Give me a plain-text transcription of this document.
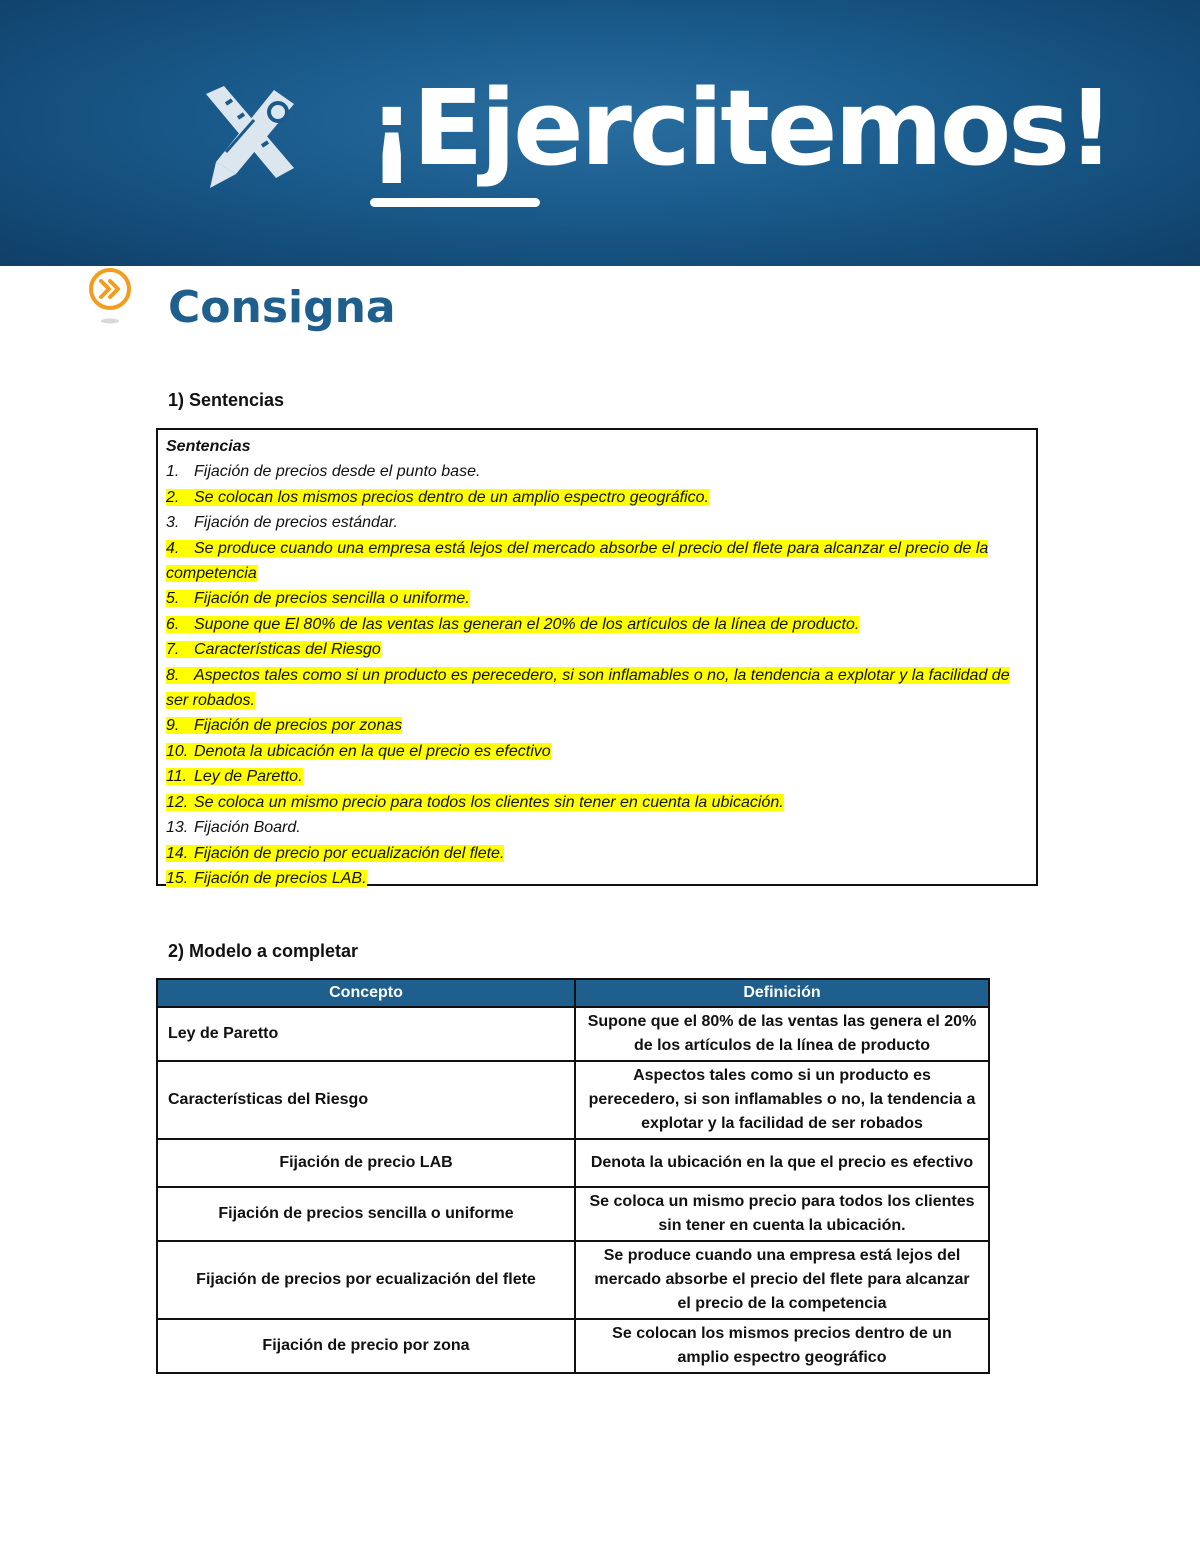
¡Ejercitemos!
Consigna
1) Sentencias
Sentencias
1. Fijación de precios desde el punto base.
2. Se colocan los mismos precios dentro de un amplio espectro geográfico.
3. Fijación de precios estándar.
4. Se produce cuando una empresa está lejos del mercado absorbe el precio del flete para alcanzar el precio de la competencia
5. Fijación de precios sencilla o uniforme.
6. Supone que El 80% de las ventas las generan el 20% de los artículos de la línea de producto.
7. Características del Riesgo
8. Aspectos tales como si un producto es perecedero, si son inflamables o no, la tendencia a explotar y la facilidad de ser robados.
9. Fijación de precios por zonas
10. Denota la ubicación en la que el precio es efectivo
11. Ley de Paretto.
12. Se coloca un mismo precio para todos los clientes sin tener en cuenta la ubicación.
13. Fijación Board.
14. Fijación de precio por ecualización del flete.
15. Fijación de precios LAB.
2) Modelo a completar
Concepto	Definición
Ley de Paretto	Supone que el 80% de las ventas las genera el 20% de los artículos de la línea de producto
Características del Riesgo	Aspectos tales como si un producto es perecedero, si son inflamables o no, la tendencia a explotar y la facilidad de ser robados
Fijación de precio LAB	Denota la ubicación en la que el precio es efectivo
Fijación de precios sencilla o uniforme	Se coloca un mismo precio para todos los clientes sin tener en cuenta la ubicación.
Fijación de precios por ecualización del flete	Se produce cuando una empresa está lejos del mercado absorbe el precio del flete para alcanzar el precio de la competencia
Fijación de precio por zona	Se colocan los mismos precios dentro de un amplio espectro geográfico
